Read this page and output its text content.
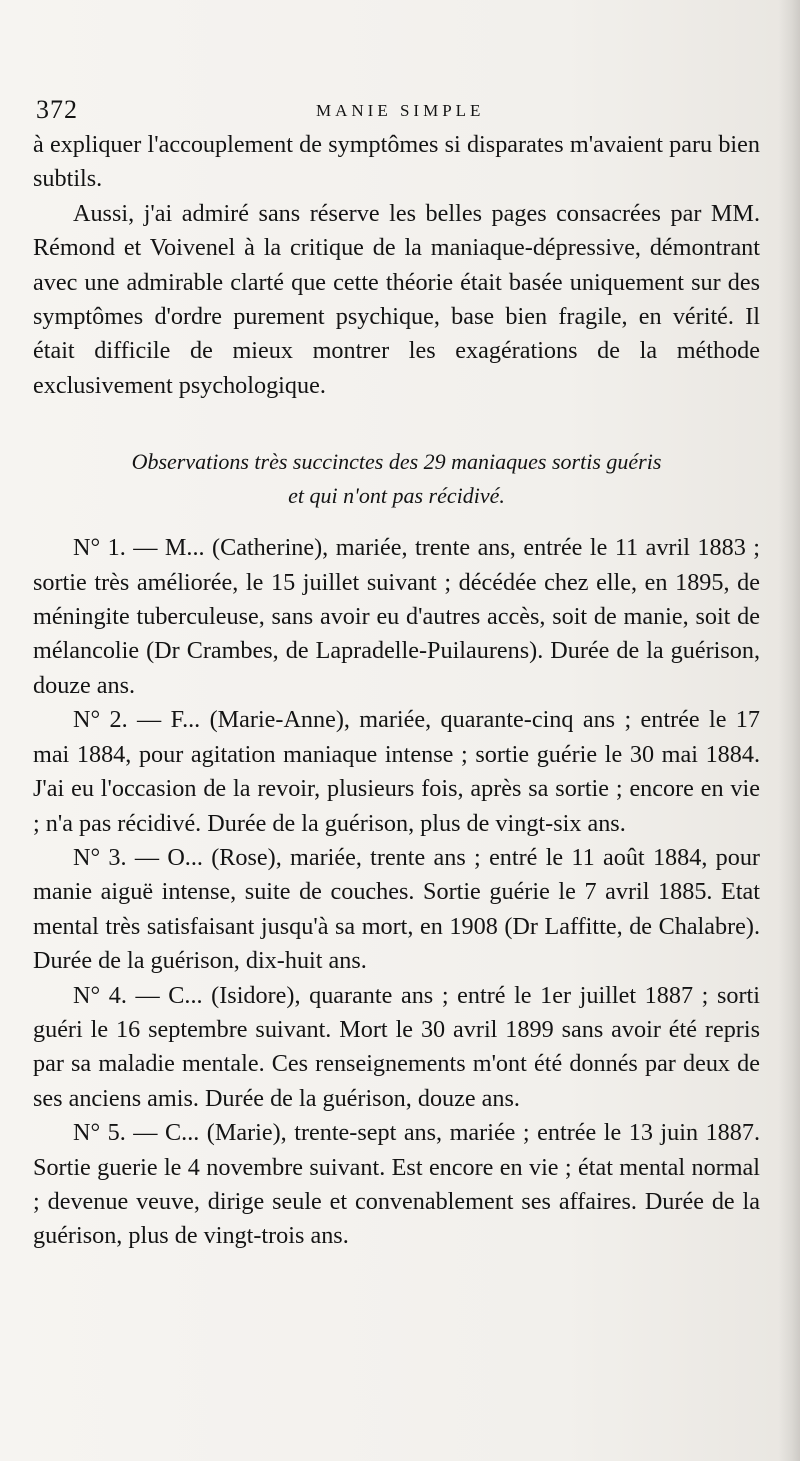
372	MANIE SIMPLE

à expliquer l'accouplement de symptômes si disparates m'avaient paru bien subtils.

Aussi, j'ai admiré sans réserve les belles pages consacrées par MM. Rémond et Voivenel à la critique de la maniaque-dépressive, démontrant avec une admirable clarté que cette théorie était basée uniquement sur des symptômes d'ordre purement psychique, base bien fragile, en vérité. Il était difficile de mieux montrer les exagérations de la méthode exclusivement psychologique.

Observations très succinctes des 29 maniaques sortis guéris
et qui n'ont pas récidivé.

N° 1. — M... (Catherine), mariée, trente ans, entrée le 11 avril 1883 ; sortie très améliorée, le 15 juillet suivant ; décédée chez elle, en 1895, de méningite tuberculeuse, sans avoir eu d'autres accès, soit de manie, soit de mélancolie (Dr Crambes, de Lapradelle-Puilaurens). Durée de la guérison, douze ans.

N° 2. — F... (Marie-Anne), mariée, quarante-cinq ans ; entrée le 17 mai 1884, pour agitation maniaque intense ; sortie guérie le 30 mai 1884. J'ai eu l'occasion de la revoir, plusieurs fois, après sa sortie ; encore en vie ; n'a pas récidivé. Durée de la guérison, plus de vingt-six ans.

N° 3. — O... (Rose), mariée, trente ans ; entré le 11 août 1884, pour manie aiguë intense, suite de couches. Sortie guérie le 7 avril 1885. Etat mental très satisfaisant jusqu'à sa mort, en 1908 (Dr Laffitte, de Chalabre). Durée de la guérison, dix-huit ans.

N° 4. — C... (Isidore), quarante ans ; entré le 1er juillet 1887 ; sorti guéri le 16 septembre suivant. Mort le 30 avril 1899 sans avoir été repris par sa maladie mentale. Ces renseignements m'ont été donnés par deux de ses anciens amis. Durée de la guérison, douze ans.

N° 5. — C... (Marie), trente-sept ans, mariée ; entrée le 13 juin 1887. Sortie guerie le 4 novembre suivant. Est encore en vie ; état mental normal ; devenue veuve, dirige seule et convenablement ses affaires. Durée de la guérison, plus de vingt-trois ans.
